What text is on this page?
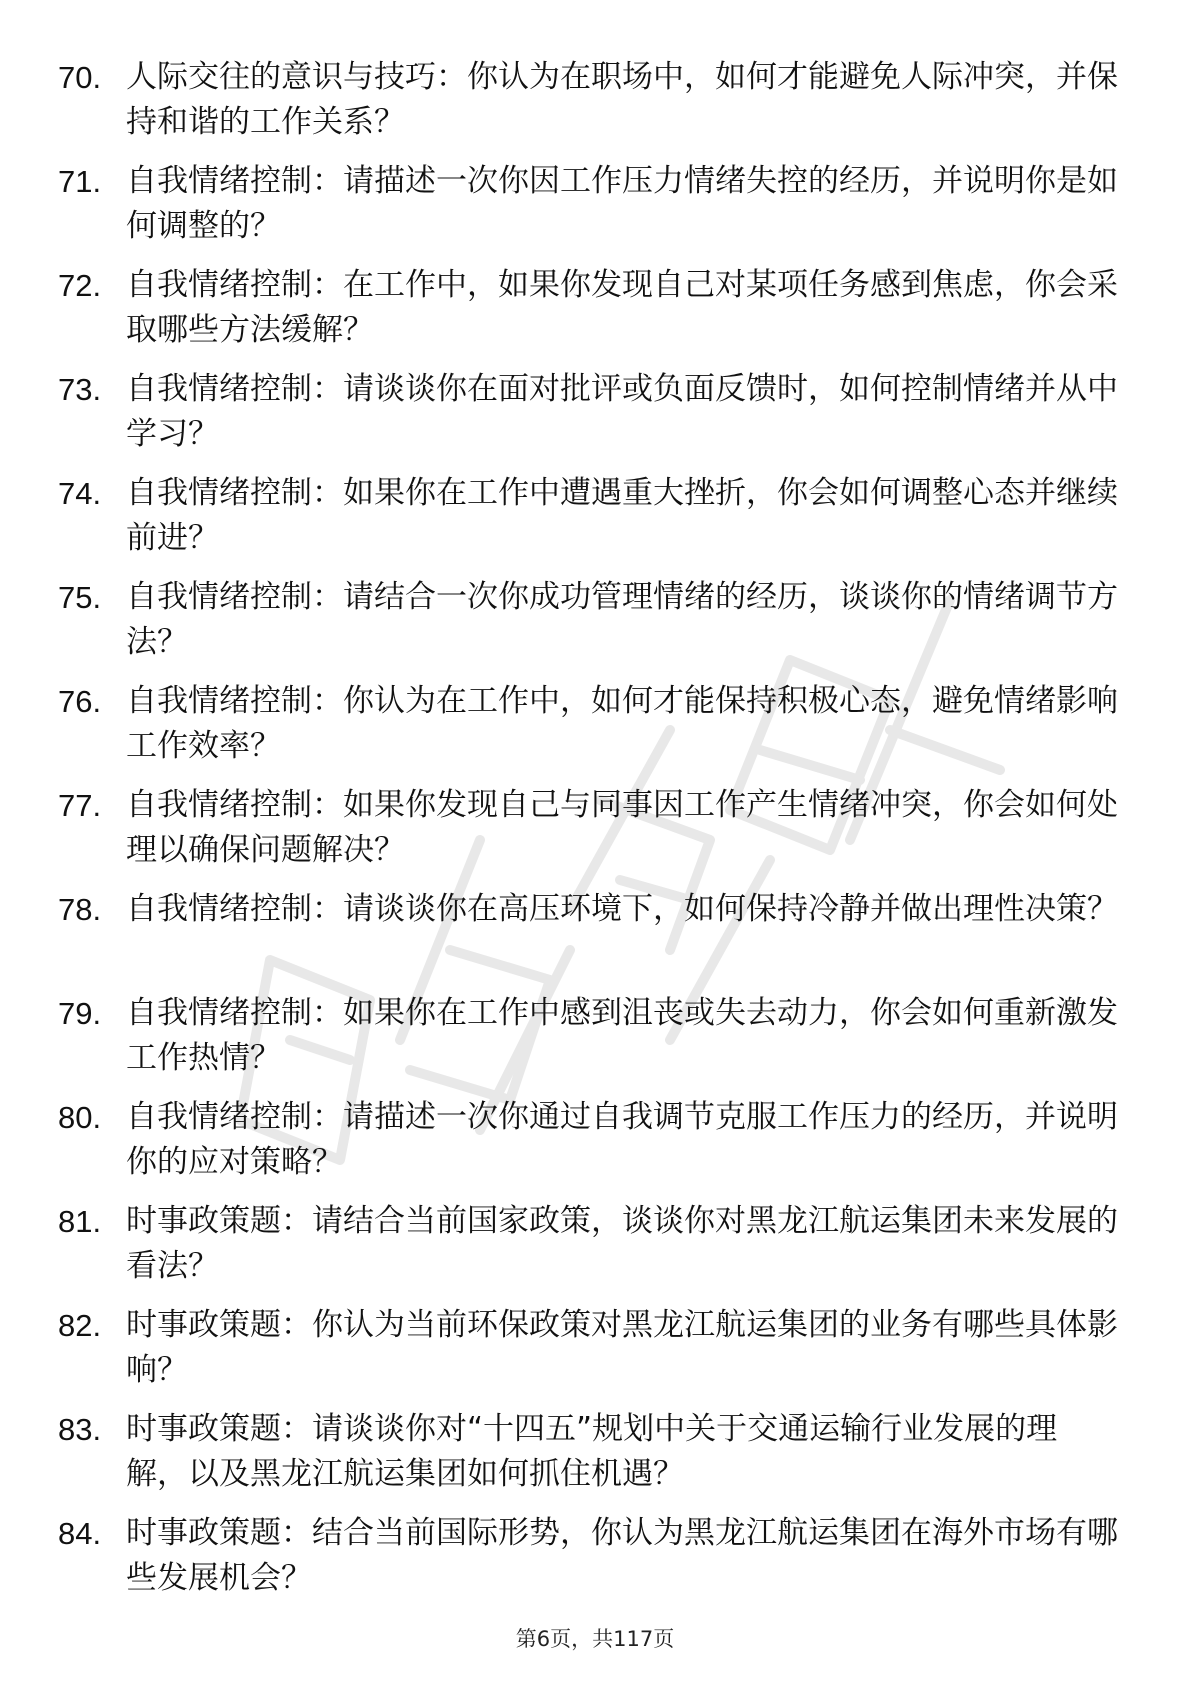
70. 人际交往的意识与技巧：你认为在职场中，如何才能避免人际冲突，并保持和谐的工作关系？
71. 自我情绪控制：请描述一次你因工作压力情绪失控的经历，并说明你是如何调整的？
72. 自我情绪控制：在工作中，如果你发现自己对某项任务感到焦虑，你会采取哪些方法缓解？
73. 自我情绪控制：请谈谈你在面对批评或负面反馈时，如何控制情绪并从中学习？
74. 自我情绪控制：如果你在工作中遭遇重大挫折，你会如何调整心态并继续前进？
75. 自我情绪控制：请结合一次你成功管理情绪的经历，谈谈你的情绪调节方法？
76. 自我情绪控制：你认为在工作中，如何才能保持积极心态，避免情绪影响工作效率？
77. 自我情绪控制：如果你发现自己与同事因工作产生情绪冲突，你会如何处理以确保问题解决？
78. 自我情绪控制：请谈谈你在高压环境下，如何保持冷静并做出理性决策？
79. 自我情绪控制：如果你在工作中感到沮丧或失去动力，你会如何重新激发工作热情？
80. 自我情绪控制：请描述一次你通过自我调节克服工作压力的经历，并说明你的应对策略？
81. 时事政策题：请结合当前国家政策，谈谈你对黑龙江航运集团未来发展的看法？
82. 时事政策题：你认为当前环保政策对黑龙江航运集团的业务有哪些具体影响？
83. 时事政策题：请谈谈你对“十四五”规划中关于交通运输行业发展的理解，以及黑龙江航运集团如何抓住机遇？
84. 时事政策题：结合当前国际形势，你认为黑龙江航运集团在海外市场有哪些发展机会？
第6页，共117页
